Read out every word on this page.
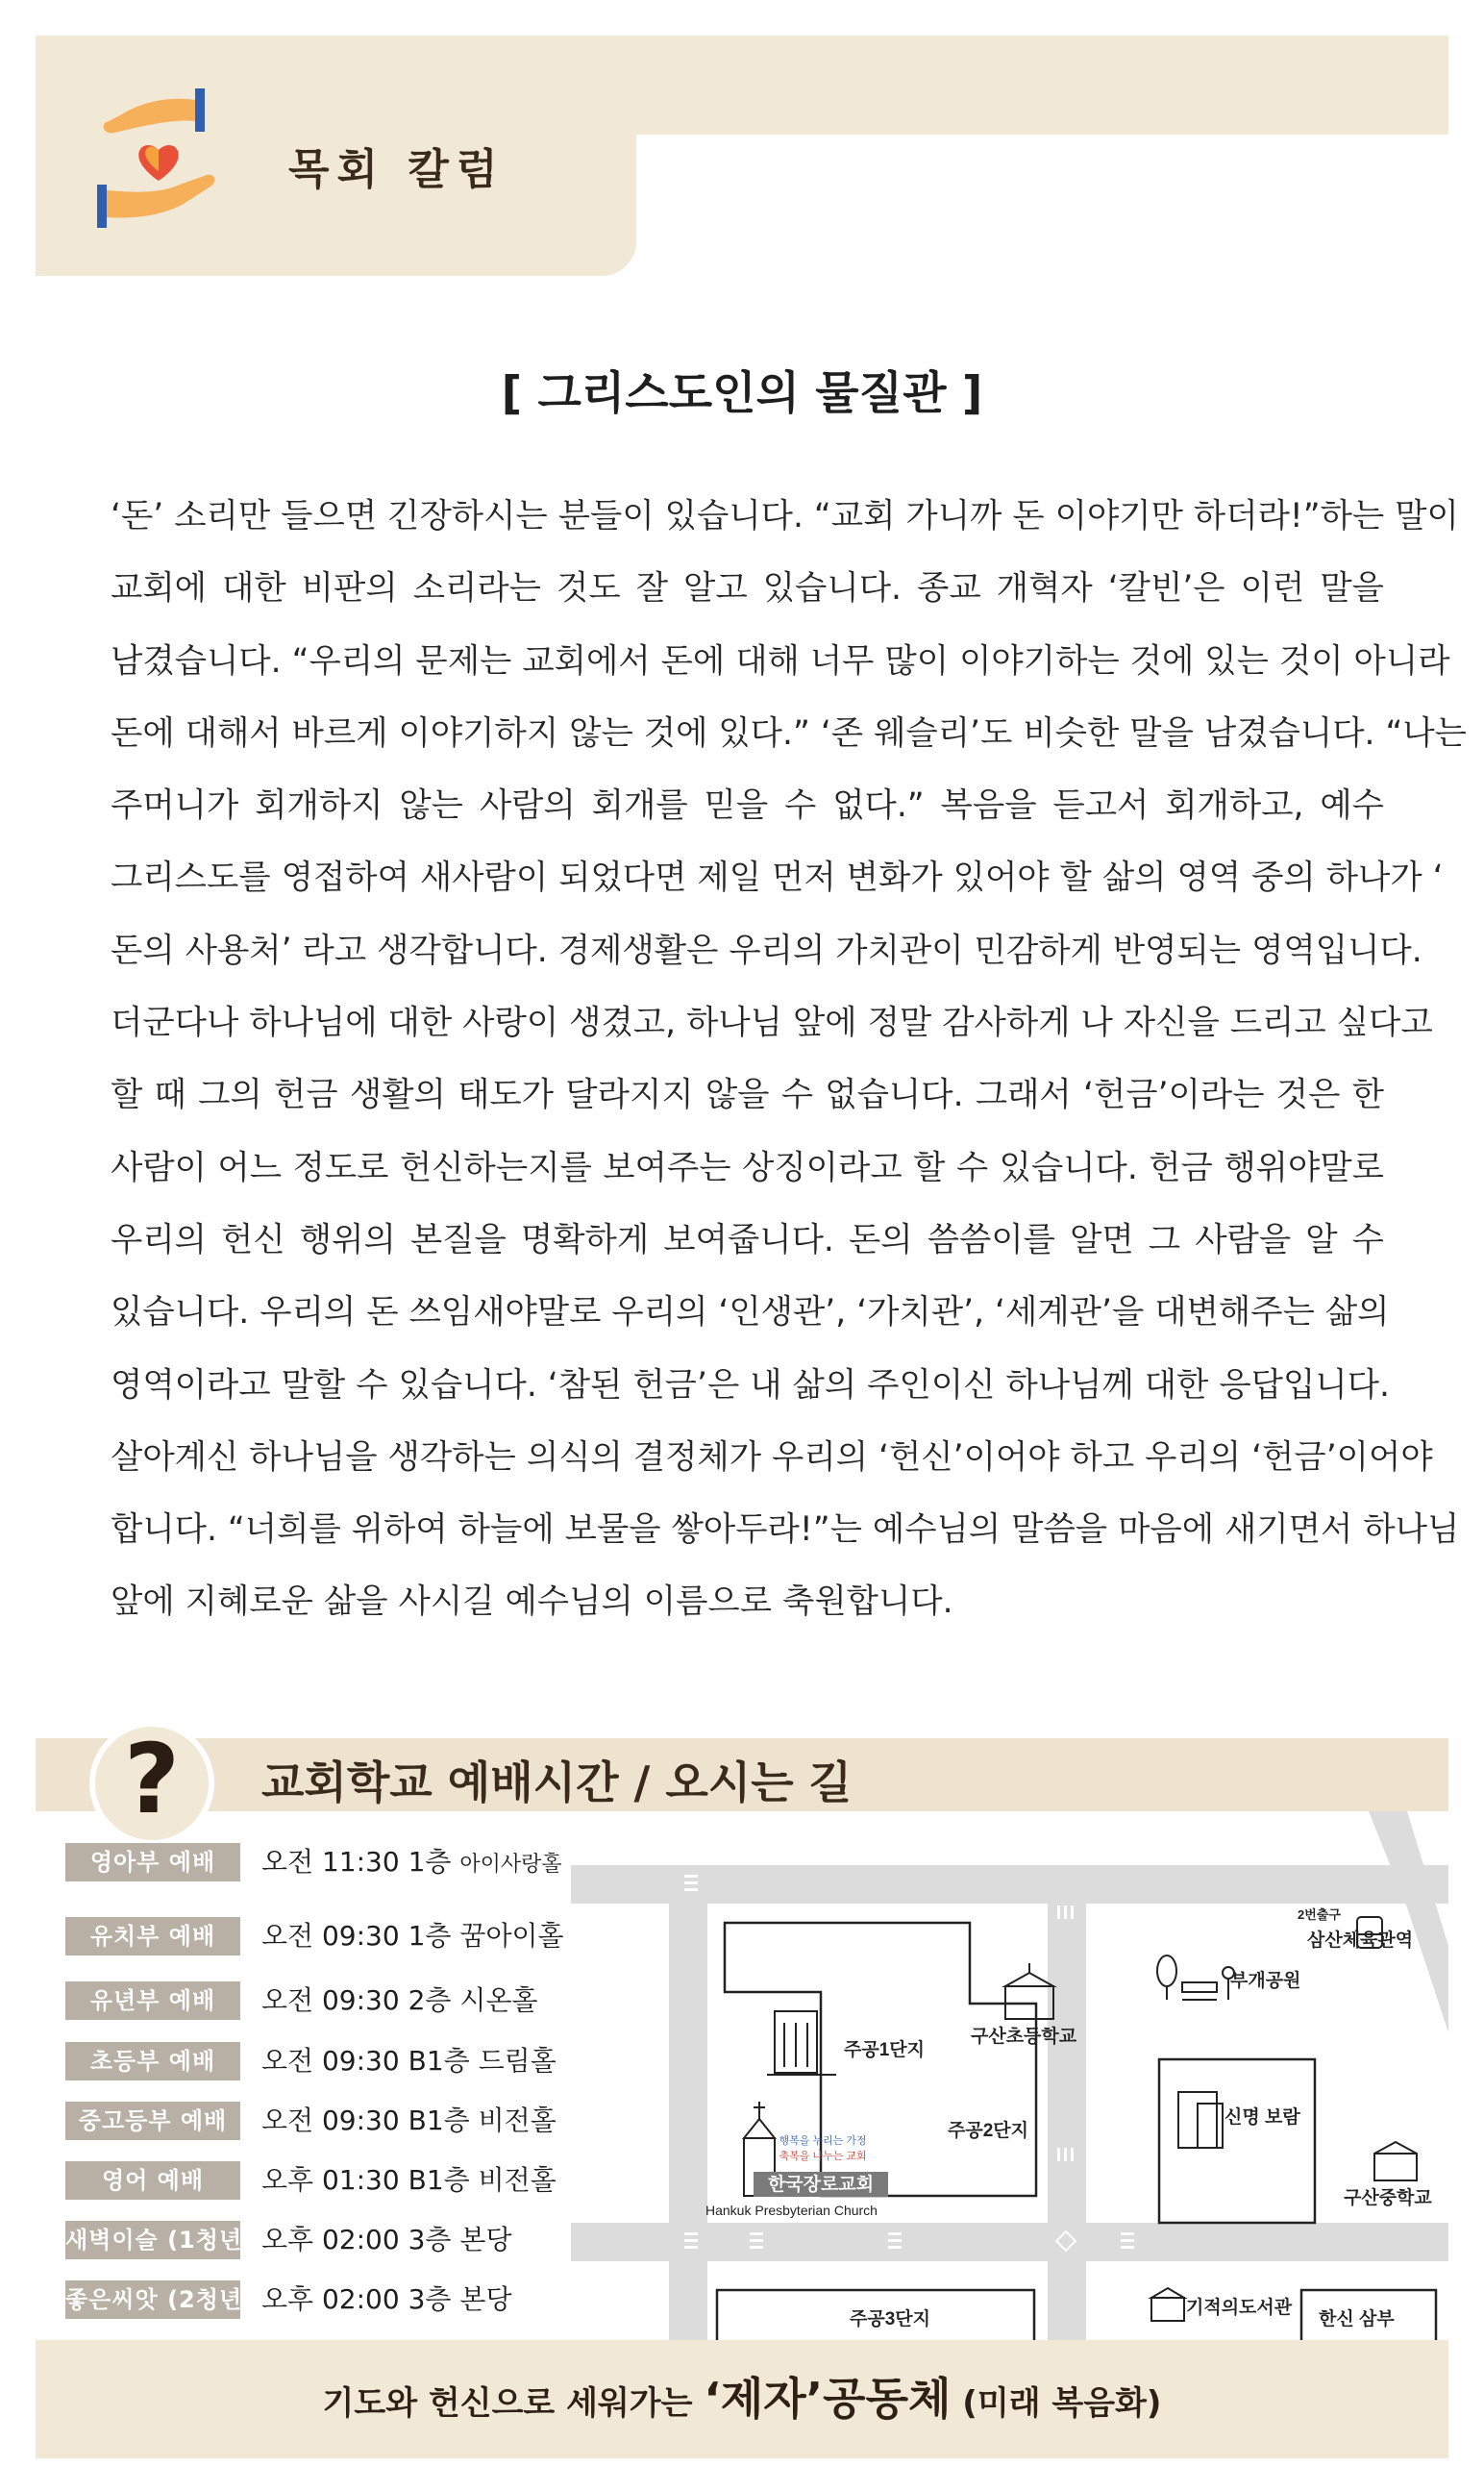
목회 칼럼
[ 그리스도인의 물질관 ]
‘돈’ 소리만 들으면 긴장하시는 분들이 있습니다. “교회 가니까 돈 이야기만 하더라!”하는 말이
교회에 대한 비판의 소리라는 것도 잘 알고 있습니다. 종교 개혁자 ‘칼빈’은 이런 말을
남겼습니다. “우리의 문제는 교회에서 돈에 대해 너무 많이 이야기하는 것에 있는 것이 아니라
돈에 대해서 바르게 이야기하지 않는 것에 있다.” ‘존 웨슬리’도 비슷한 말을 남겼습니다. “나는
주머니가 회개하지 않는 사람의 회개를 믿을 수 없다.” 복음을 듣고서 회개하고, 예수
그리스도를 영접하여 새사람이 되었다면 제일 먼저 변화가 있어야 할 삶의 영역 중의 하나가 ‘
돈의 사용처’ 라고 생각합니다. 경제생활은 우리의 가치관이 민감하게 반영되는 영역입니다.
더군다나 하나님에 대한 사랑이 생겼고, 하나님 앞에 정말 감사하게 나 자신을 드리고 싶다고
할 때 그의 헌금 생활의 태도가 달라지지 않을 수 없습니다. 그래서 ‘헌금’이라는 것은 한
사람이 어느 정도로 헌신하는지를 보여주는 상징이라고 할 수 있습니다. 헌금 행위야말로
우리의 헌신 행위의 본질을 명확하게 보여줍니다. 돈의 씀씀이를 알면 그 사람을 알 수
있습니다. 우리의 돈 쓰임새야말로 우리의 ‘인생관’, ‘가치관’, ‘세계관’을 대변해주는 삶의
영역이라고 말할 수 있습니다. ‘참된 헌금’은 내 삶의 주인이신 하나님께 대한 응답입니다.
살아계신 하나님을 생각하는 의식의 결정체가 우리의 ‘헌신’이어야 하고 우리의 ‘헌금’이어야
합니다. “너희를 위하여 하늘에 보물을 쌓아두라!”는 예수님의 말씀을 마음에 새기면서 하나님
앞에 지혜로운 삶을 사시길 예수님의 이름으로 축원합니다.
?	교회학교 예배시간 / 오시는 길
영아부 예배	오전 11:30 1층 아이사랑홀
유치부 예배	오전 09:30 1층 꿈아이홀
유년부 예배	오전 09:30 2층 시온홀
초등부 예배	오전 09:30 B1층 드림홀
중고등부 예배	오전 09:30 B1층 비전홀
영어 예배	오후 01:30 B1층 비전홀
새벽이슬 (1청년) 오후 02:00 3층 본당
좋은씨앗 (2청년) 오후 02:00 3층 본당
한국장로교회
행복을 누리는 가정
축복을 나누는 교회
Hankuk Presbyterian Church
주공1단지
구산초등학교
주공2단지
부개공원
삼산체육관역
신명 보람
구산중학교
주공3단지
기적의도서관
한신 삼부
2번출구
기도와 헌신으로 세워가는 ‘제자’공동체 (미래 복음화)
